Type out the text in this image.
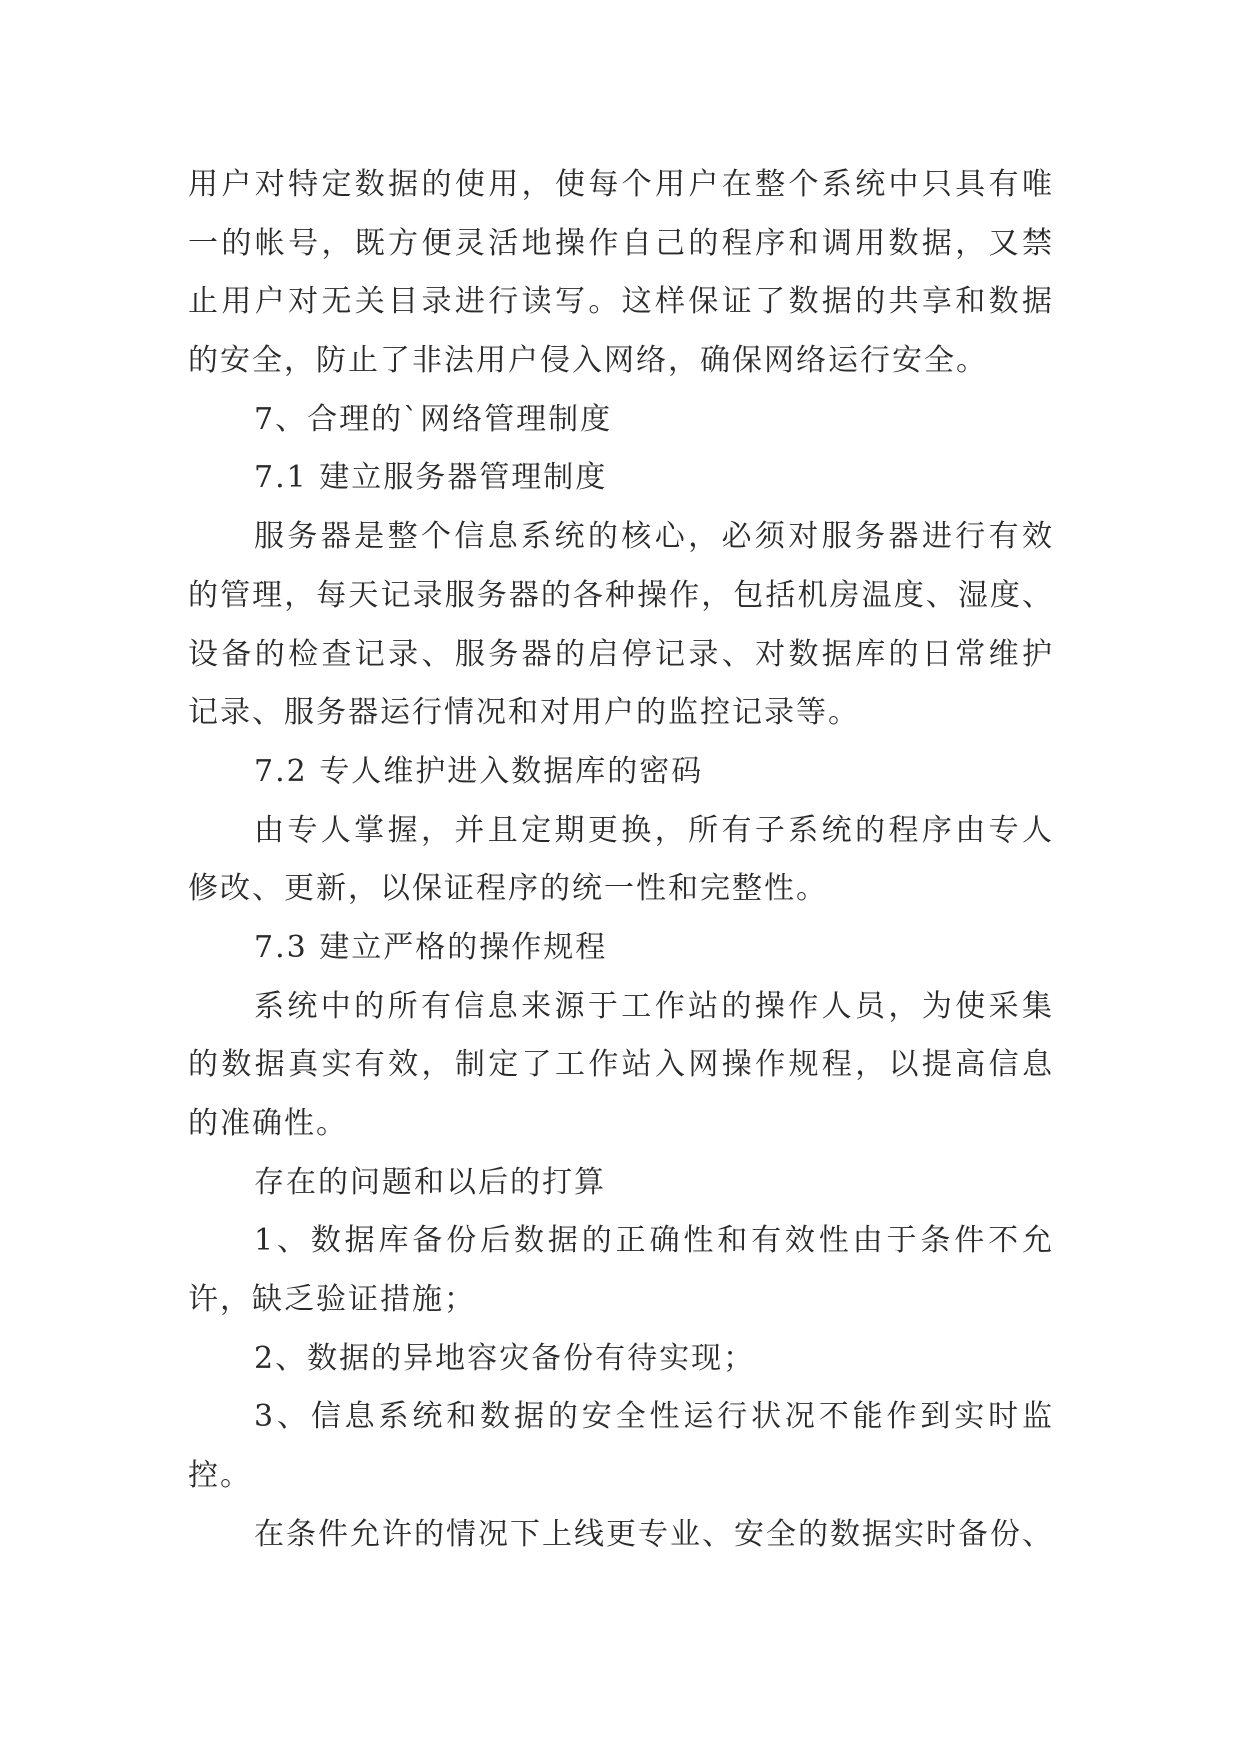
用户对特定数据的使用，使每个用户在整个系统中只具有唯
一的帐号，既方便灵活地操作自己的程序和调用数据，又禁
止用户对无关目录进行读写。这样保证了数据的共享和数据
的安全，防止了非法用户侵入网络，确保网络运行安全。
7、合理的`网络管理制度
7.1 建立服务器管理制度
服务器是整个信息系统的核心，必须对服务器进行有效
的管理，每天记录服务器的各种操作，包括机房温度、湿度、
设备的检查记录、服务器的启停记录、对数据库的日常维护
记录、服务器运行情况和对用户的监控记录等。
7.2 专人维护进入数据库的密码
由专人掌握，并且定期更换，所有子系统的程序由专人
修改、更新，以保证程序的统一性和完整性。
7.3 建立严格的操作规程
系统中的所有信息来源于工作站的操作人员，为使采集
的数据真实有效，制定了工作站入网操作规程，以提高信息
的准确性。
存在的问题和以后的打算
1、数据库备份后数据的正确性和有效性由于条件不允
许，缺乏验证措施；
2、数据的异地容灾备份有待实现；
3、信息系统和数据的安全性运行状况不能作到实时监
控。
在条件允许的情况下上线更专业、安全的数据实时备份、
